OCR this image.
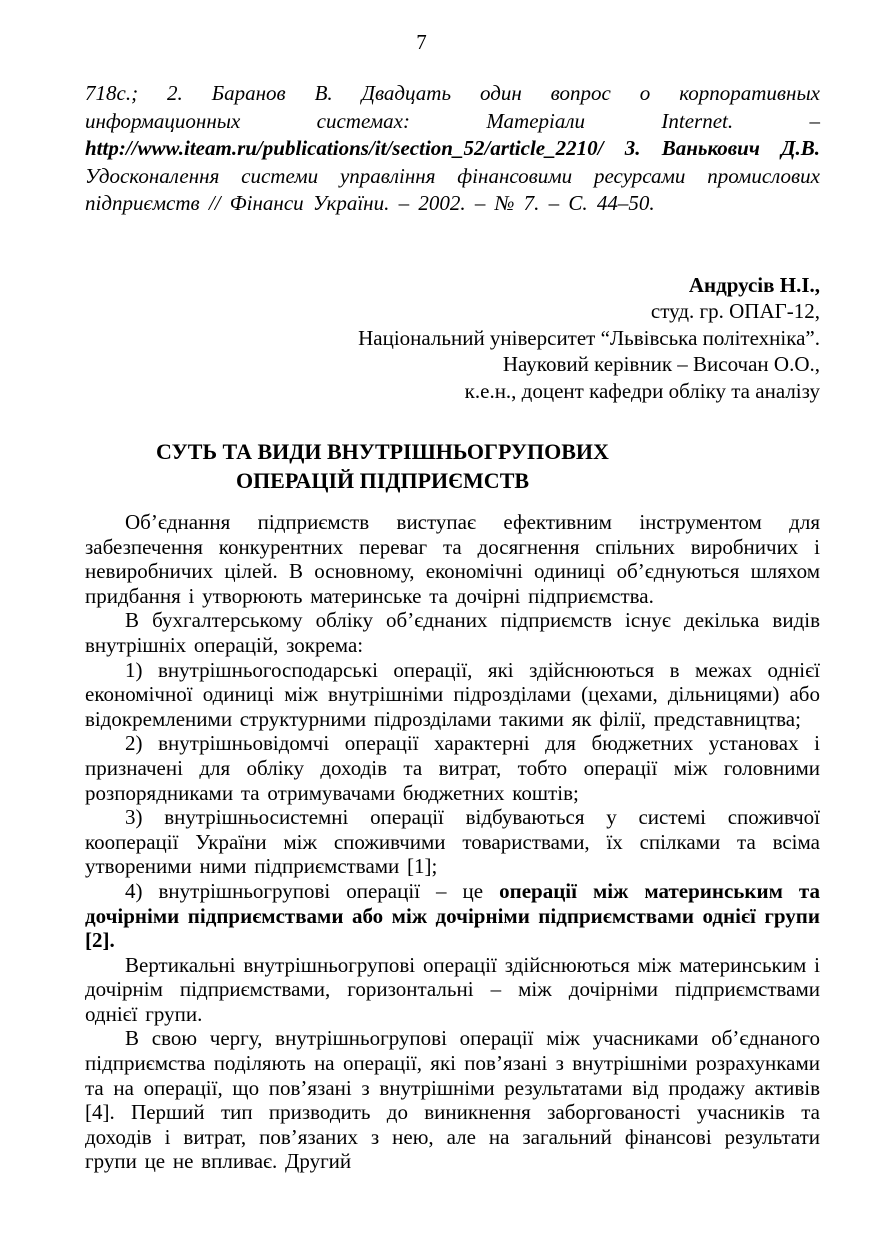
7

718с.; 2. Баранов В. Двадцать один вопрос о корпоративных информационных системах: Матеріали Internet. – http://www.iteam.ru/publications/it/section_52/article_2210/ 3. Ванькович Д.В. Удосконалення системи управління фінансовими ресурсами промислових підприємств // Фінанси України. – 2002. – № 7. – С. 44–50.

Андрусів Н.І.,
студ. гр. ОПАГ-12,
Національний університет “Львівська політехніка”.
Науковий керівник – Височан О.О.,
к.е.н., доцент кафедри обліку та аналізу
СУТЬ ТА ВИДИ ВНУТРІШНЬОГРУПОВИХ
ОПЕРАЦІЙ ПІДПРИЄМСТВ

Об’єднання підприємств виступає ефективним інструментом для забезпечення конкурентних переваг та досягнення спільних виробничих і невиробничих цілей. В основному, економічні одиниці об’єднуються шляхом придбання і утворюють материнське та дочірні підприємства.

В бухгалтерському обліку об’єднаних підприємств існує декілька видів внутрішніх операцій, зокрема:

1) внутрішньогосподарські операції, які здійснюються в межах однієї економічної одиниці між внутрішніми підрозділами (цехами, дільницями) або відокремленими структурними підрозділами такими як філії, представництва;

2) внутрішньовідомчі операції характерні для бюджетних установах і призначені для обліку доходів та витрат, тобто операції між головними розпорядниками та отримувачами бюджетних коштів;

3) внутрішньосистемні операції відбуваються у системі споживчої кооперації України між споживчими товариствами, їх спілками та всіма утвореними ними підприємствами [1];

4) внутрішньогрупові операції – це операції між материнським та дочірніми підприємствами або між дочірніми підприємствами однієї групи [2].

Вертикальні внутрішньогрупові операції здійснюються між материнським і дочірнім підприємствами, горизонтальні – між дочірніми підприємствами однієї групи.

В свою чергу, внутрішньогрупові операції між учасниками об’єднаного підприємства поділяють на операції, які пов’язані з внутрішніми розрахунками та на операції, що пов’язані з внутрішніми результатами від продажу активів [4]. Перший тип призводить до виникнення заборгованості учасників та доходів і витрат, пов’язаних з нею, але на загальний фінансові результати групи це не впливає. Другий
